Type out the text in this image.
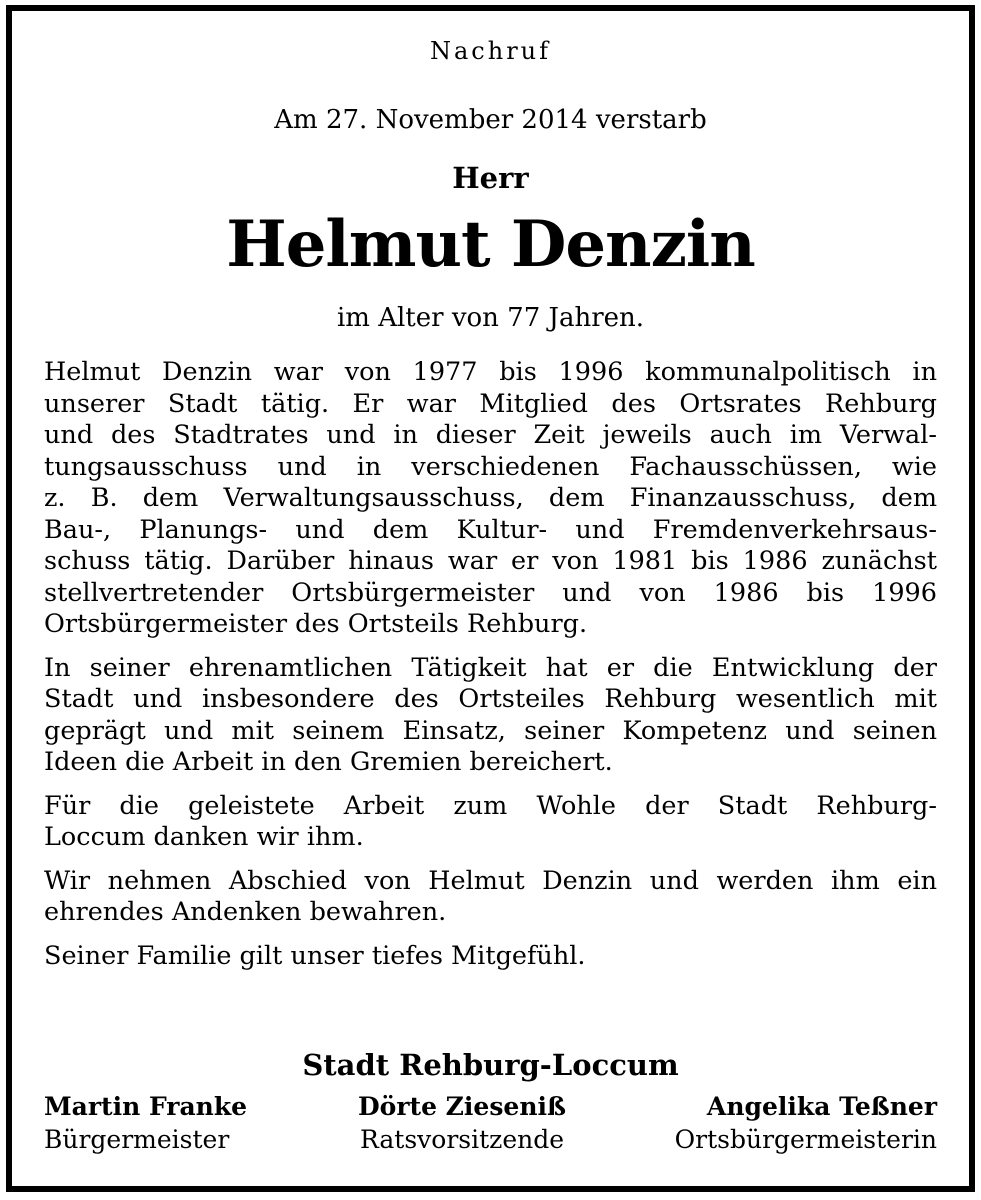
Nachruf
Am 27. November 2014 verstarb
Herr
Helmut Denzin
im Alter von 77 Jahren.
Helmut Denzin war von 1977 bis 1996 kommunalpolitisch in
unserer Stadt tätig. Er war Mitglied des Ortsrates Rehburg
und des Stadtrates und in dieser Zeit jeweils auch im Verwal-
tungsausschuss und in verschiedenen Fachausschüssen, wie
z. B. dem Verwaltungsausschuss, dem Finanzausschuss, dem
Bau-, Planungs- und dem Kultur- und Fremdenverkehrsaus-
schuss tätig. Darüber hinaus war er von 1981 bis 1986 zunächst
stellvertretender Ortsbürgermeister und von 1986 bis 1996
Ortsbürgermeister des Ortsteils Rehburg.
In seiner ehrenamtlichen Tätigkeit hat er die Entwicklung der
Stadt und insbesondere des Ortsteiles Rehburg wesentlich mit
geprägt und mit seinem Einsatz, seiner Kompetenz und seinen
Ideen die Arbeit in den Gremien bereichert.
Für die geleistete Arbeit zum Wohle der Stadt Rehburg-
Loccum danken wir ihm.
Wir nehmen Abschied von Helmut Denzin und werden ihm ein
ehrendes Andenken bewahren.
Seiner Familie gilt unser tiefes Mitgefühl.
Stadt Rehburg-Loccum
Martin Franke
Bürgermeister
Dörte Zieseniß
Ratsvorsitzende
Angelika Teßner
Ortsbürgermeisterin
